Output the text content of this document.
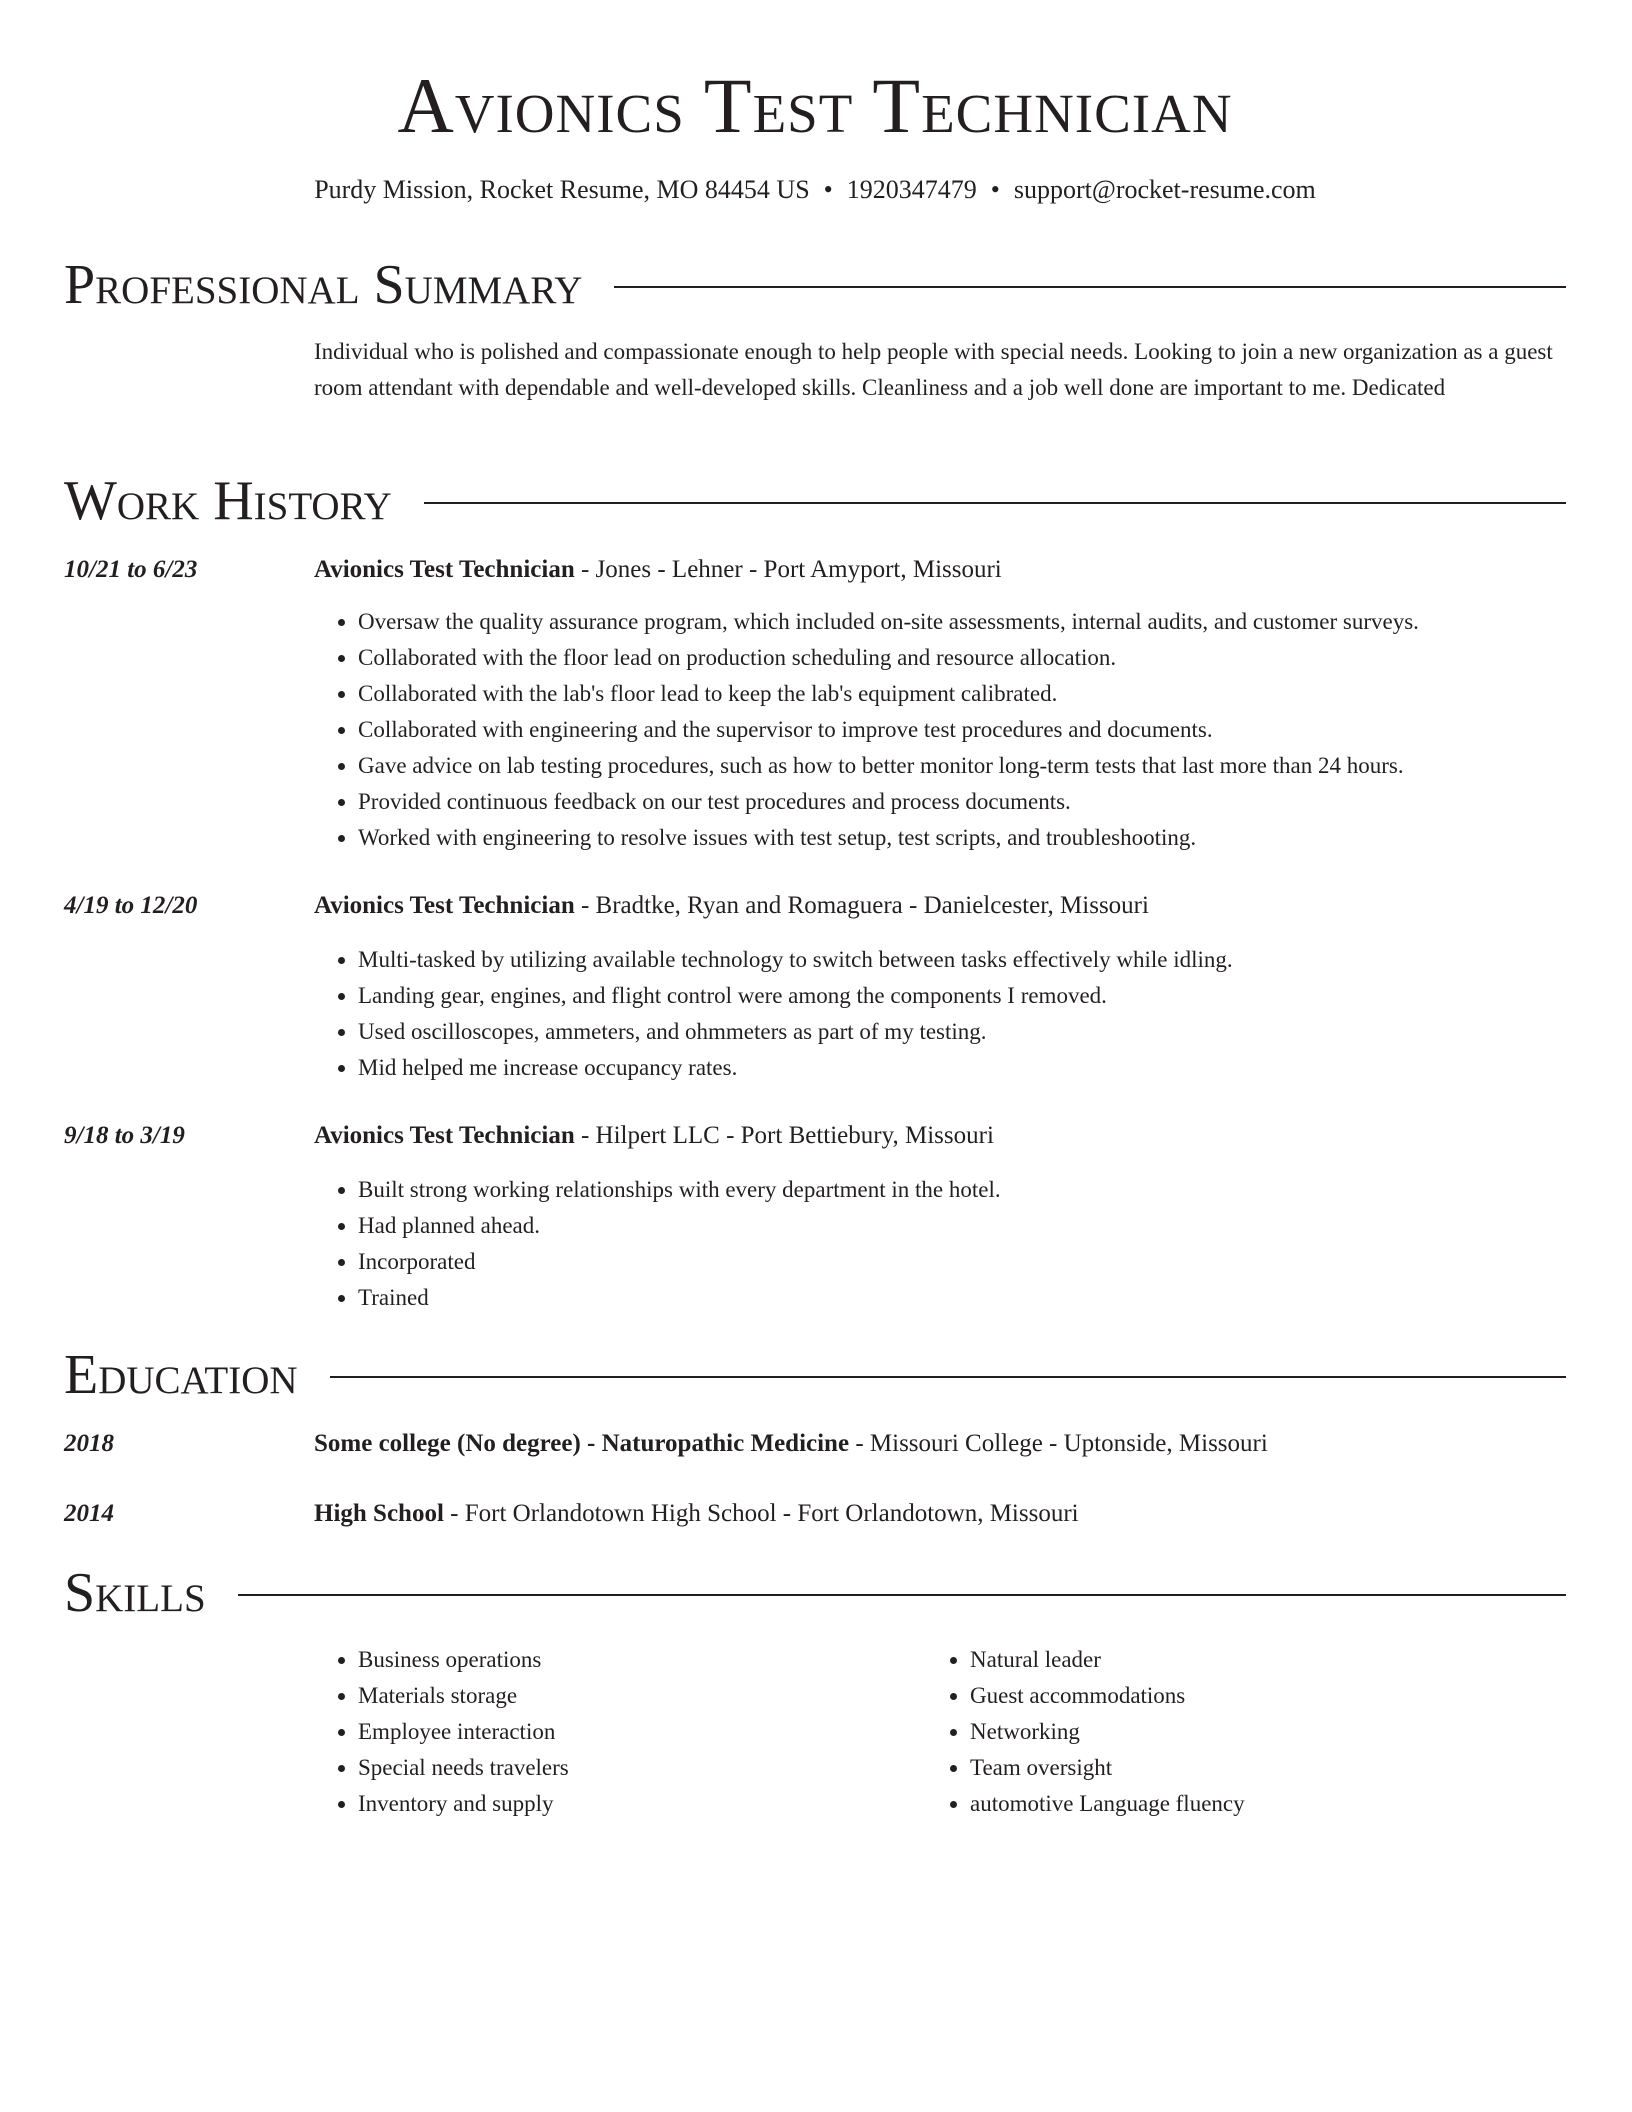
Avionics Test Technician
Purdy Mission, Rocket Resume, MO 84454 US • 1920347479 • support@rocket-resume.com
Professional Summary
Individual who is polished and compassionate enough to help people with special needs. Looking to join a new organization as a guest room attendant with dependable and well-developed skills. Cleanliness and a job well done are important to me. Dedicated
Work History
10/21 to 6/23	Avionics Test Technician - Jones - Lehner - Port Amyport, Missouri
• Oversaw the quality assurance program, which included on-site assessments, internal audits, and customer surveys.
• Collaborated with the floor lead on production scheduling and resource allocation.
• Collaborated with the lab's floor lead to keep the lab's equipment calibrated.
• Collaborated with engineering and the supervisor to improve test procedures and documents.
• Gave advice on lab testing procedures, such as how to better monitor long-term tests that last more than 24 hours.
• Provided continuous feedback on our test procedures and process documents.
• Worked with engineering to resolve issues with test setup, test scripts, and troubleshooting.
4/19 to 12/20	Avionics Test Technician - Bradtke, Ryan and Romaguera - Danielcester, Missouri
• Multi-tasked by utilizing available technology to switch between tasks effectively while idling.
• Landing gear, engines, and flight control were among the components I removed.
• Used oscilloscopes, ammeters, and ohmmeters as part of my testing.
• Mid helped me increase occupancy rates.
9/18 to 3/19	Avionics Test Technician - Hilpert LLC - Port Bettiebury, Missouri
• Built strong working relationships with every department in the hotel.
• Had planned ahead.
• Incorporated
• Trained
Education
2018	Some college (No degree) - Naturopathic Medicine - Missouri College - Uptonside, Missouri
2014	High School - Fort Orlandotown High School - Fort Orlandotown, Missouri
Skills
• Business operations
• Materials storage
• Employee interaction
• Special needs travelers
• Inventory and supply
• Natural leader
• Guest accommodations
• Networking
• Team oversight
• automotive Language fluency
